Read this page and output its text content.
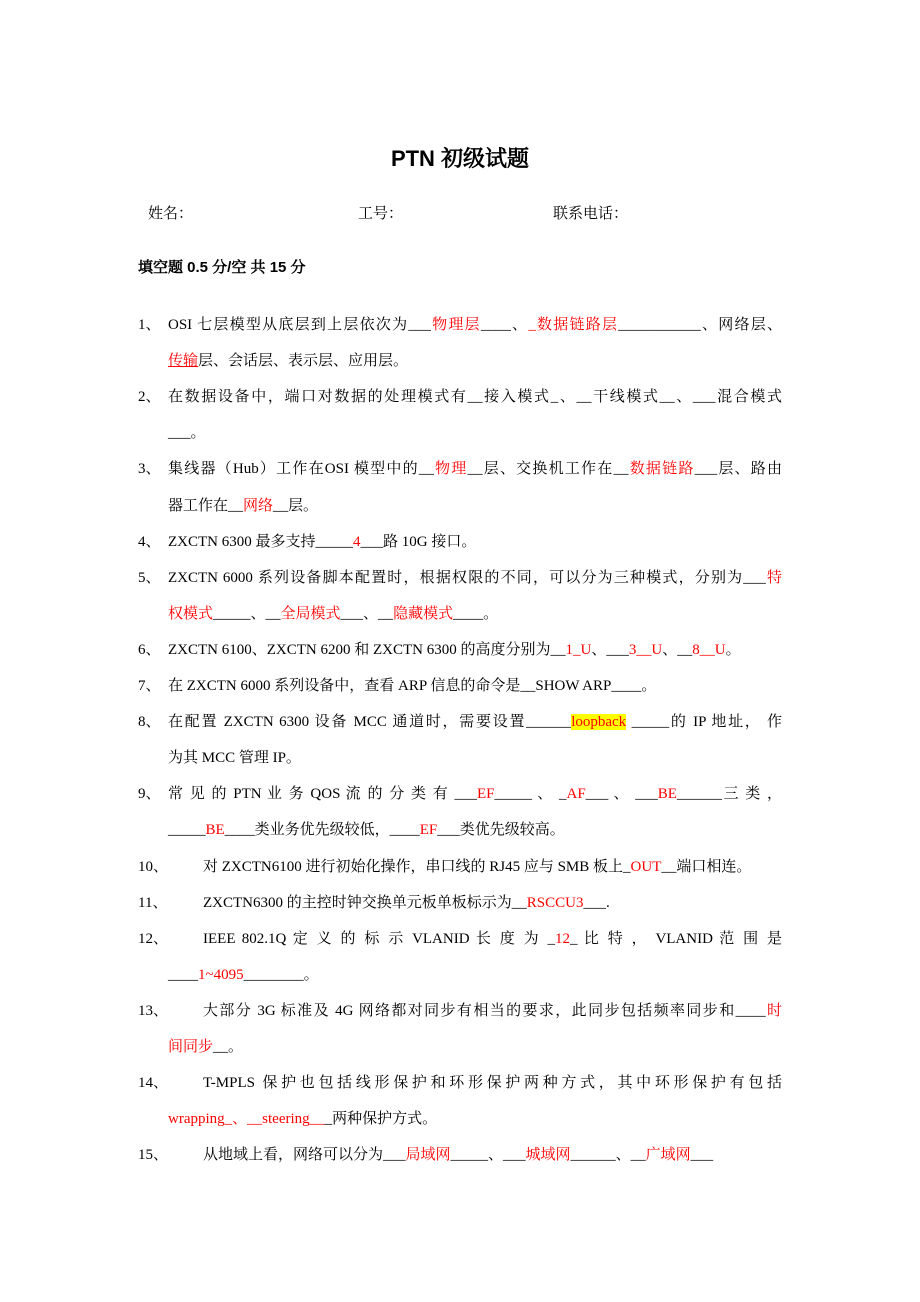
PTN 初级试题
姓名：	工号：	联系电话：
填空题 0.5 分/空 共 15 分
1、 OSI 七层模型从底层到上层依次为___物理层____、_数据链路层___________、网络层、
传输层、会话层、表示层、应用层。
2、 在数据设备中，端口对数据的处理模式有__接入模式_、__干线模式__、___混合模式
___。
3、 集线器（Hub）工作在OSI 模型中的__物理__层、交换机工作在__数据链路___层、路由
器工作在__网络__层。
4、 ZXCTN 6300 最多支持_____4___路 10G 接口。
5、 ZXCTN 6000 系列设备脚本配置时，根据权限的不同，可以分为三种模式，分别为___特
权模式_____、__全局模式___、__隐藏模式____。
6、 ZXCTN 6100、ZXCTN 6200 和 ZXCTN 6300 的高度分别为__1_U、___3__U、__8__U。
7、 在 ZXCTN 6000 系列设备中，查看 ARP 信息的命令是__SHOW ARP____。
8、 在配置 ZXCTN 6300 设备 MCC 通道时，需要设置______loopback _____的 IP 地址， 作
为其 MCC 管理 IP。
9、 常 见 的 PTN 业 务 QOS 流 的 分 类 有 ___EF_____ 、 _AF___ 、 ___BE______三 类 ，
_____BE____类业务优先级较低，____EF___类优先级较高。
10、 对 ZXCTN6100 进行初始化操作，串口线的 RJ45 应与 SMB 板上_OUT__端口相连。
11、 ZXCTN6300 的主控时钟交换单元板单板标示为__RSCCU3___.
12、 IEEE 802.1Q 定 义 的 标 示 VLANID 长 度 为 _12_ 比 特 ， VLANID 范 围 是
____1~4095________。
13、 大部分 3G 标准及 4G 网络都对同步有相当的要求，此同步包括频率同步和____时
间同步__。
14、 T-MPLS 保护也包括线形保护和环形保护两种方式，其中环形保护有包括
wrapping_、__steering___两种保护方式。
15、 从地域上看，网络可以分为___局域网_____、___城域网______、__广域网___
